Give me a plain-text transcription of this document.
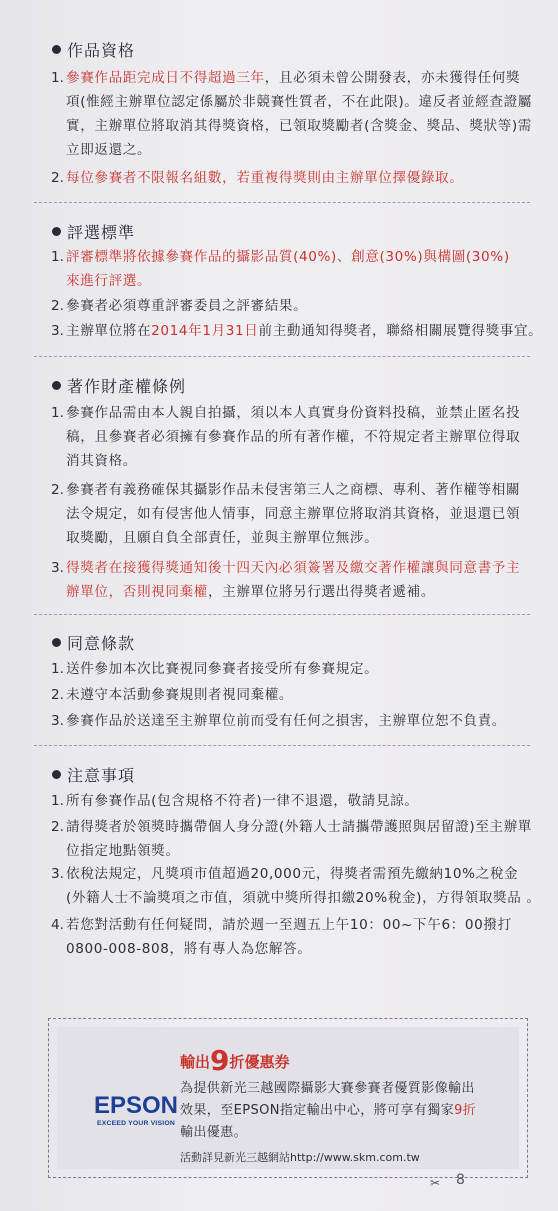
作品資格
1. 參賽作品距完成日不得超過三年，且必須未曾公開發表，亦未獲得任何獎
項(惟經主辦單位認定係屬於非競賽性質者，不在此限)。違反者並經查證屬
實，主辦單位將取消其得獎資格，已領取獎勵者(含獎金、獎品、獎狀等)需
立即返還之。
2. 每位參賽者不限報名組數，若重複得獎則由主辦單位擇優錄取。
評選標準
1. 評審標準將依據參賽作品的攝影品質(40%)、創意(30%)與構圖(30%)
來進行評選。
2. 參賽者必須尊重評審委員之評審結果。
3. 主辦單位將在2014年1月31日前主動通知得獎者，聯絡相關展覽得獎事宜。
著作財產權條例
1. 參賽作品需由本人親自拍攝，須以本人真實身份資料投稿，並禁止匿名投
稿，且參賽者必須擁有參賽作品的所有著作權，不符規定者主辦單位得取
消其資格。
2. 參賽者有義務確保其攝影作品未侵害第三人之商標、專利、著作權等相關
法令規定，如有侵害他人情事，同意主辦單位將取消其資格，並退還已領
取獎勵，且願自負全部責任，並與主辦單位無涉。
3. 得獎者在接獲得獎通知後十四天內必須簽署及繳交著作權讓與同意書予主
辦單位，否則視同棄權，主辦單位將另行選出得獎者遞補。
同意條款
1. 送件參加本次比賽視同參賽者接受所有參賽規定。
2. 未遵守本活動參賽規則者視同棄權。
3. 參賽作品於送達至主辦單位前而受有任何之損害，主辦單位恕不負責。
注意事項
1. 所有參賽作品(包含規格不符者)一律不退還，敬請見諒。
2. 請得獎者於領獎時攜帶個人身分證(外籍人士請攜帶護照與居留證)至主辦單
位指定地點領獎。
3. 依稅法規定，凡獎項市值超過20,000元，得獎者需預先繳納10%之稅金
(外籍人士不論獎項之市值，須就中獎所得扣繳20%稅金)，方得領取獎品 。
4. 若您對活動有任何疑問，請於週一至週五上午10：00~下午6：00撥打
0800-008-808，將有專人為您解答。
EPSON
EXCEED YOUR VISION
輸出9折優惠券
為提供新光三越國際攝影大賽參賽者優質影像輸出
效果，至EPSON指定輸出中心，將可享有獨家9折
輸出優惠。
活動詳見新光三越網站http://www.skm.com.tw
✂ 8
